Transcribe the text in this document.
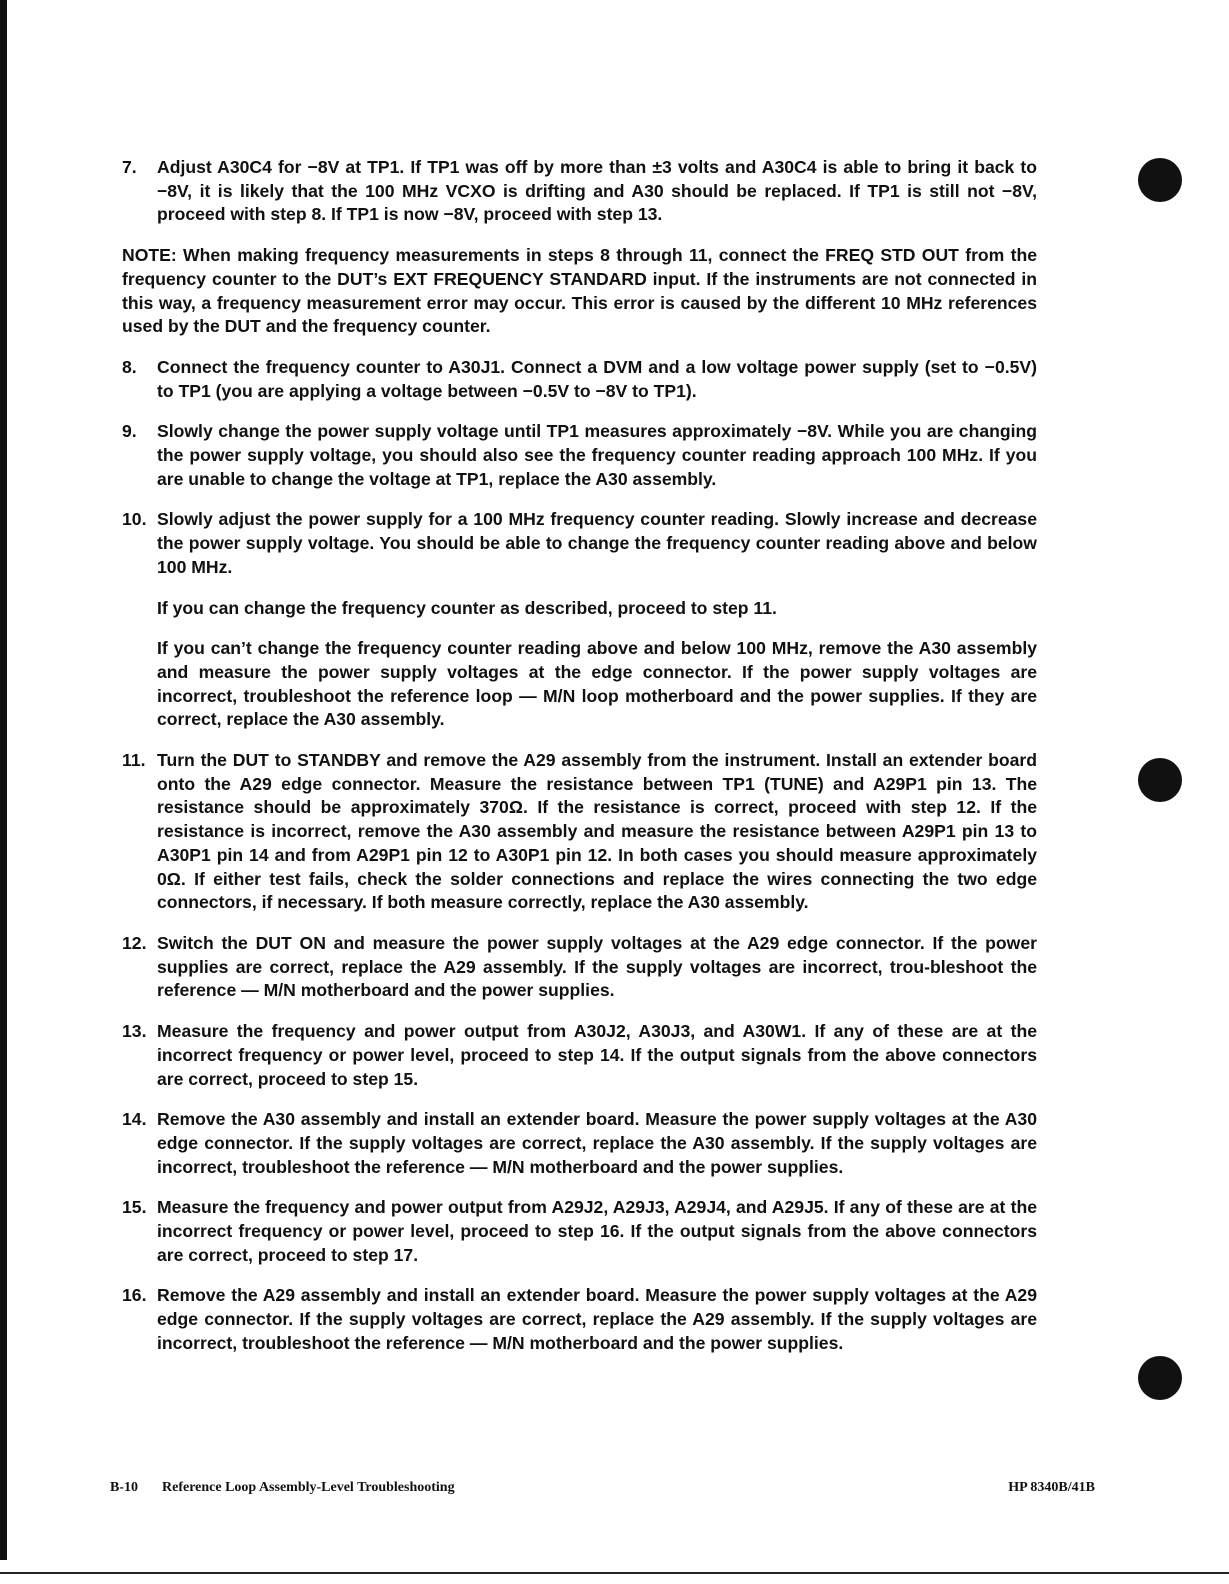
7.	Adjust A30C4 for −8V at TP1. If TP1 was off by more than ±3 volts and A30C4 is able to bring it back to −8V, it is likely that the 100 MHz VCXO is drifting and A30 should be replaced. If TP1 is still not −8V, proceed with step 8. If TP1 is now −8V, proceed with step 13.
NOTE: When making frequency measurements in steps 8 through 11, connect the FREQ STD OUT from the frequency counter to the DUT’s EXT FREQUENCY STANDARD input. If the instruments are not connected in this way, a frequency measurement error may occur. This error is caused by the different 10 MHz references used by the DUT and the frequency counter.
8.	Connect the frequency counter to A30J1. Connect a DVM and a low voltage power supply (set to −0.5V) to TP1 (you are applying a voltage between −0.5V to −8V to TP1).
9.	Slowly change the power supply voltage until TP1 measures approximately −8V. While you are changing the power supply voltage, you should also see the frequency counter reading approach 100 MHz. If you are unable to change the voltage at TP1, replace the A30 assembly.
10. Slowly adjust the power supply for a 100 MHz frequency counter reading. Slowly increase and decrease the power supply voltage. You should be able to change the frequency counter reading above and below 100 MHz.
If you can change the frequency counter as described, proceed to step 11.
If you can’t change the frequency counter reading above and below 100 MHz, remove the A30 assembly and measure the power supply voltages at the edge connector. If the power supply voltages are incorrect, troubleshoot the reference loop — M/N loop motherboard and the power supplies. If they are correct, replace the A30 assembly.
11. Turn the DUT to STANDBY and remove the A29 assembly from the instrument. Install an extender board onto the A29 edge connector. Measure the resistance between TP1 (TUNE) and A29P1 pin 13. The resistance should be approximately 370Ω. If the resistance is correct, proceed with step 12. If the resistance is incorrect, remove the A30 assembly and measure the resistance between A29P1 pin 13 to A30P1 pin 14 and from A29P1 pin 12 to A30P1 pin 12. In both cases you should measure approximately 0Ω. If either test fails, check the solder connections and replace the wires connecting the two edge connectors, if necessary. If both measure correctly, replace the A30 assembly.
12. Switch the DUT ON and measure the power supply voltages at the A29 edge connector. If the power supplies are correct, replace the A29 assembly. If the supply voltages are incorrect, trou-bleshoot the reference — M/N motherboard and the power supplies.
13. Measure the frequency and power output from A30J2, A30J3, and A30W1. If any of these are at the incorrect frequency or power level, proceed to step 14. If the output signals from the above connectors are correct, proceed to step 15.
14. Remove the A30 assembly and install an extender board. Measure the power supply voltages at the A30 edge connector. If the supply voltages are correct, replace the A30 assembly. If the supply voltages are incorrect, troubleshoot the reference — M/N motherboard and the power supplies.
15. Measure the frequency and power output from A29J2, A29J3, A29J4, and A29J5. If any of these are at the incorrect frequency or power level, proceed to step 16. If the output signals from the above connectors are correct, proceed to step 17.
16. Remove the A29 assembly and install an extender board. Measure the power supply voltages at the A29 edge connector. If the supply voltages are correct, replace the A29 assembly. If the supply voltages are incorrect, troubleshoot the reference — M/N motherboard and the power supplies.
B-10 Reference Loop Assembly-Level Troubleshooting	HP 8340B/41B
